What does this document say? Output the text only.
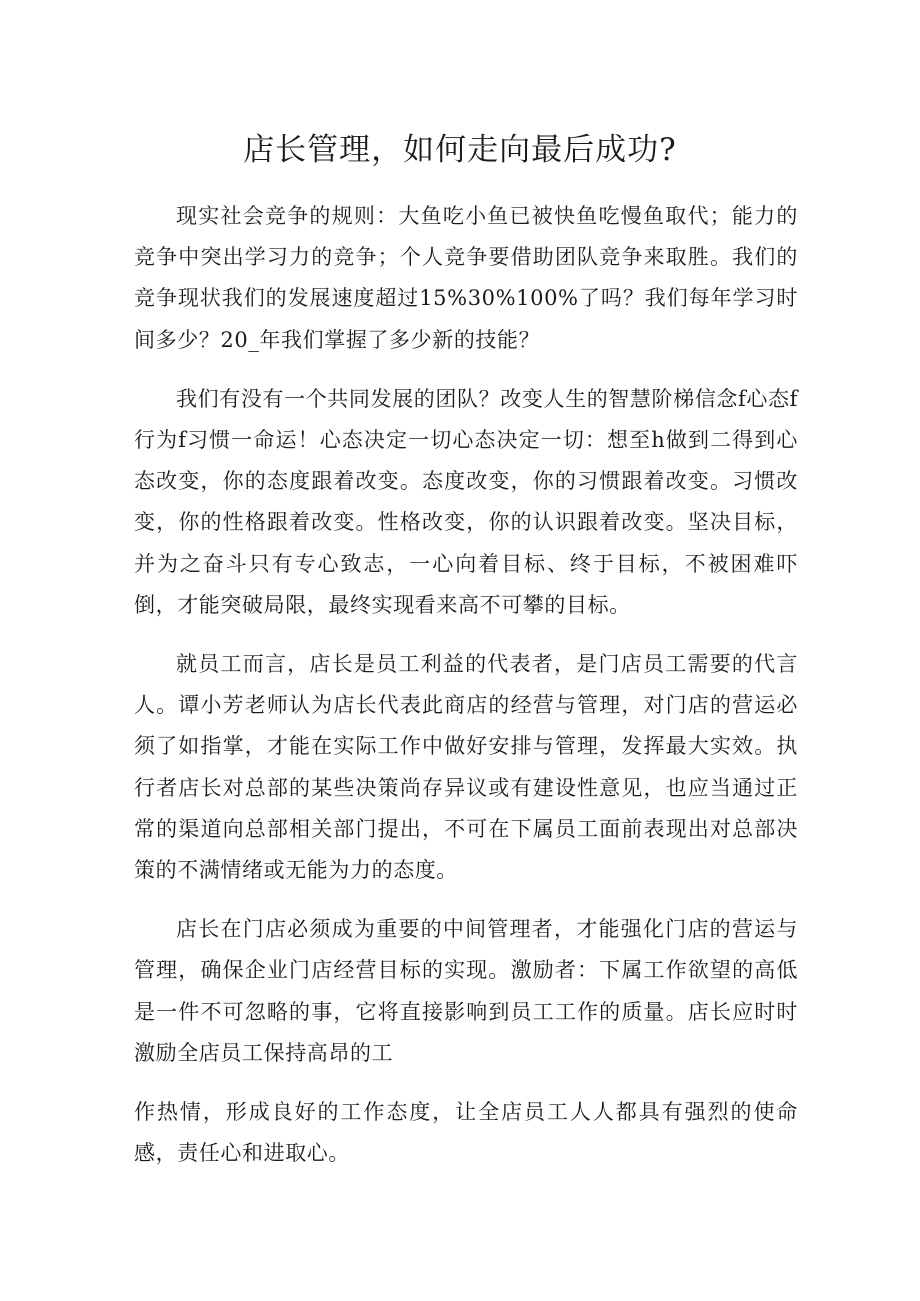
店长管理，如何走向最后成功?

现实社会竞争的规则：大鱼吃小鱼已被快鱼吃慢鱼取代；能力的竞争中突出学习力的竞争；个人竞争要借助团队竞争来取胜。我们的竞争现状我们的发展速度超过15%30%100%了吗？我们每年学习时间多少？20_年我们掌握了多少新的技能？

我们有没有一个共同发展的团队？改变人生的智慧阶梯信念f心态f行为f习惯一命运！心态决定一切心态决定一切：想至h做到二得到心态改变，你的态度跟着改变。态度改变，你的习惯跟着改变。习惯改变，你的性格跟着改变。性格改变，你的认识跟着改变。坚决目标，并为之奋斗只有专心致志，一心向着目标、终于目标，不被困难吓倒，才能突破局限，最终实现看来高不可攀的目标。

就员工而言，店长是员工利益的代表者，是门店员工需要的代言人。谭小芳老师认为店长代表此商店的经营与管理，对门店的营运必须了如指掌，才能在实际工作中做好安排与管理，发挥最大实效。执行者店长对总部的某些决策尚存异议或有建设性意见，也应当通过正常的渠道向总部相关部门提出，不可在下属员工面前表现出对总部决策的不满情绪或无能为力的态度。

店长在门店必须成为重要的中间管理者，才能强化门店的营运与管理，确保企业门店经营目标的实现。激励者：下属工作欲望的高低是一件不可忽略的事，它将直接影响到员工工作的质量。店长应时时激励全店员工保持高昂的工

作热情，形成良好的工作态度，让全店员工人人都具有强烈的使命感，责任心和进取心。
